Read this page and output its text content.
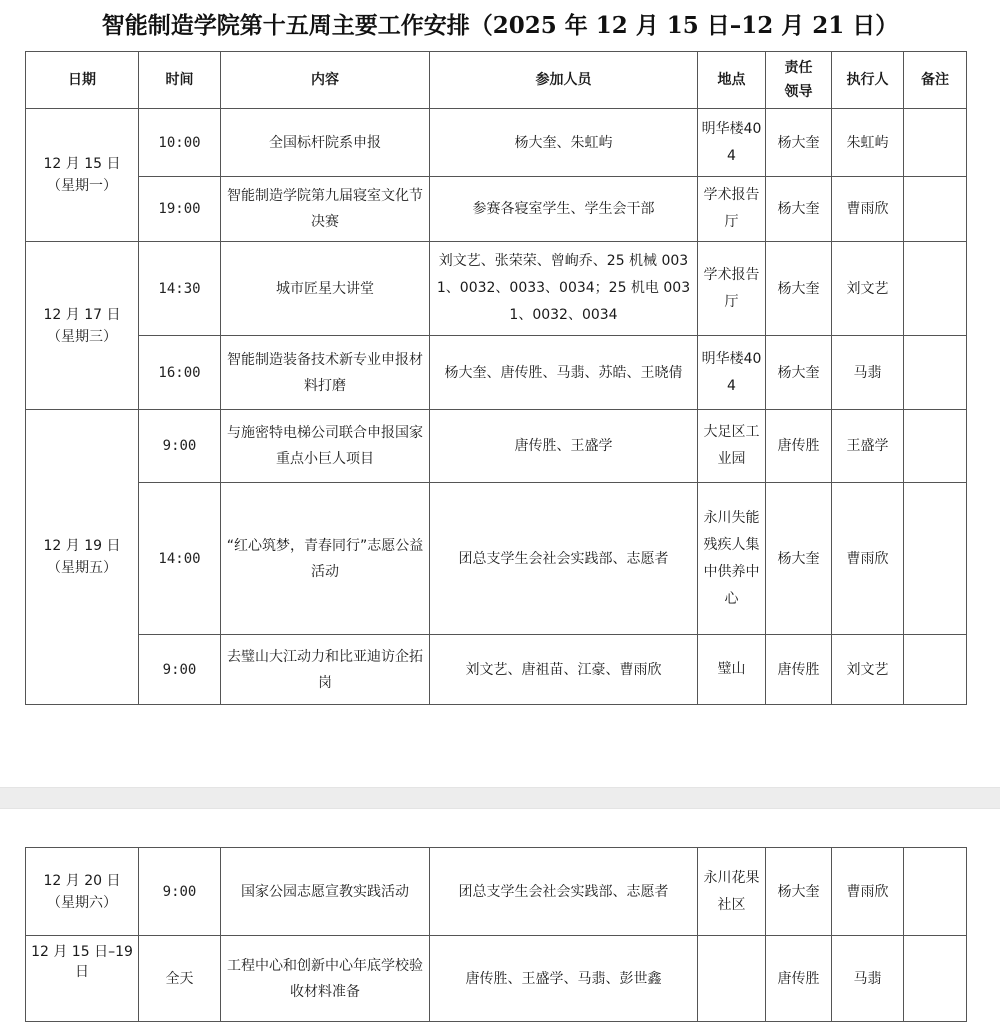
智能制造学院第十五周主要工作安排（2025 年 12 月 15 日–12 月 21 日）
日期	时间	内容	参加人员	地点	责任领导	执行人	备注

12 月 15 日
（星期一）	10:00	全国标杆院系申报	杨大奎、朱虹屿	明华楼404	杨大奎	朱虹屿	
	19:00	智能制造学院第九届寝室文化节决赛	参赛各寝室学生、学生会干部	学术报告厅	杨大奎	曹雨欣	

12 月 17 日
（星期三）	14:30	城市匠星大讲堂	刘文艺、张荣荣、曾峋乔、25 机械 0031、0032、0033、0034；25 机电 0031、0032、0034	学术报告厅	杨大奎	刘文艺	
	16:00	智能制造装备技术新专业申报材料打磨	杨大奎、唐传胜、马翡、苏皓、王晓倩	明华楼404	杨大奎	马翡	

12 月 19 日
（星期五）	9:00	与施密特电梯公司联合申报国家重点小巨人项目	唐传胜、王盛学	大足区工业园	唐传胜	王盛学	
	14:00	“红心筑梦，青春同行”志愿公益活动	团总支学生会社会实践部、志愿者	永川失能残疾人集中供养中心	杨大奎	曹雨欣	
	9:00	去璧山大江动力和比亚迪访企拓岗	刘文艺、唐祖苗、江豪、曹雨欣	璧山	唐传胜	刘文艺	
12 月 20 日
（星期六）	9:00	国家公园志愿宣教实践活动	团总支学生会社会实践部、志愿者	永川花果社区	杨大奎	曹雨欣	

12 月 15 日–19 日	全天	工程中心和创新中心年底学校验收材料准备	唐传胜、王盛学、马翡、彭世鑫		唐传胜	马翡	
